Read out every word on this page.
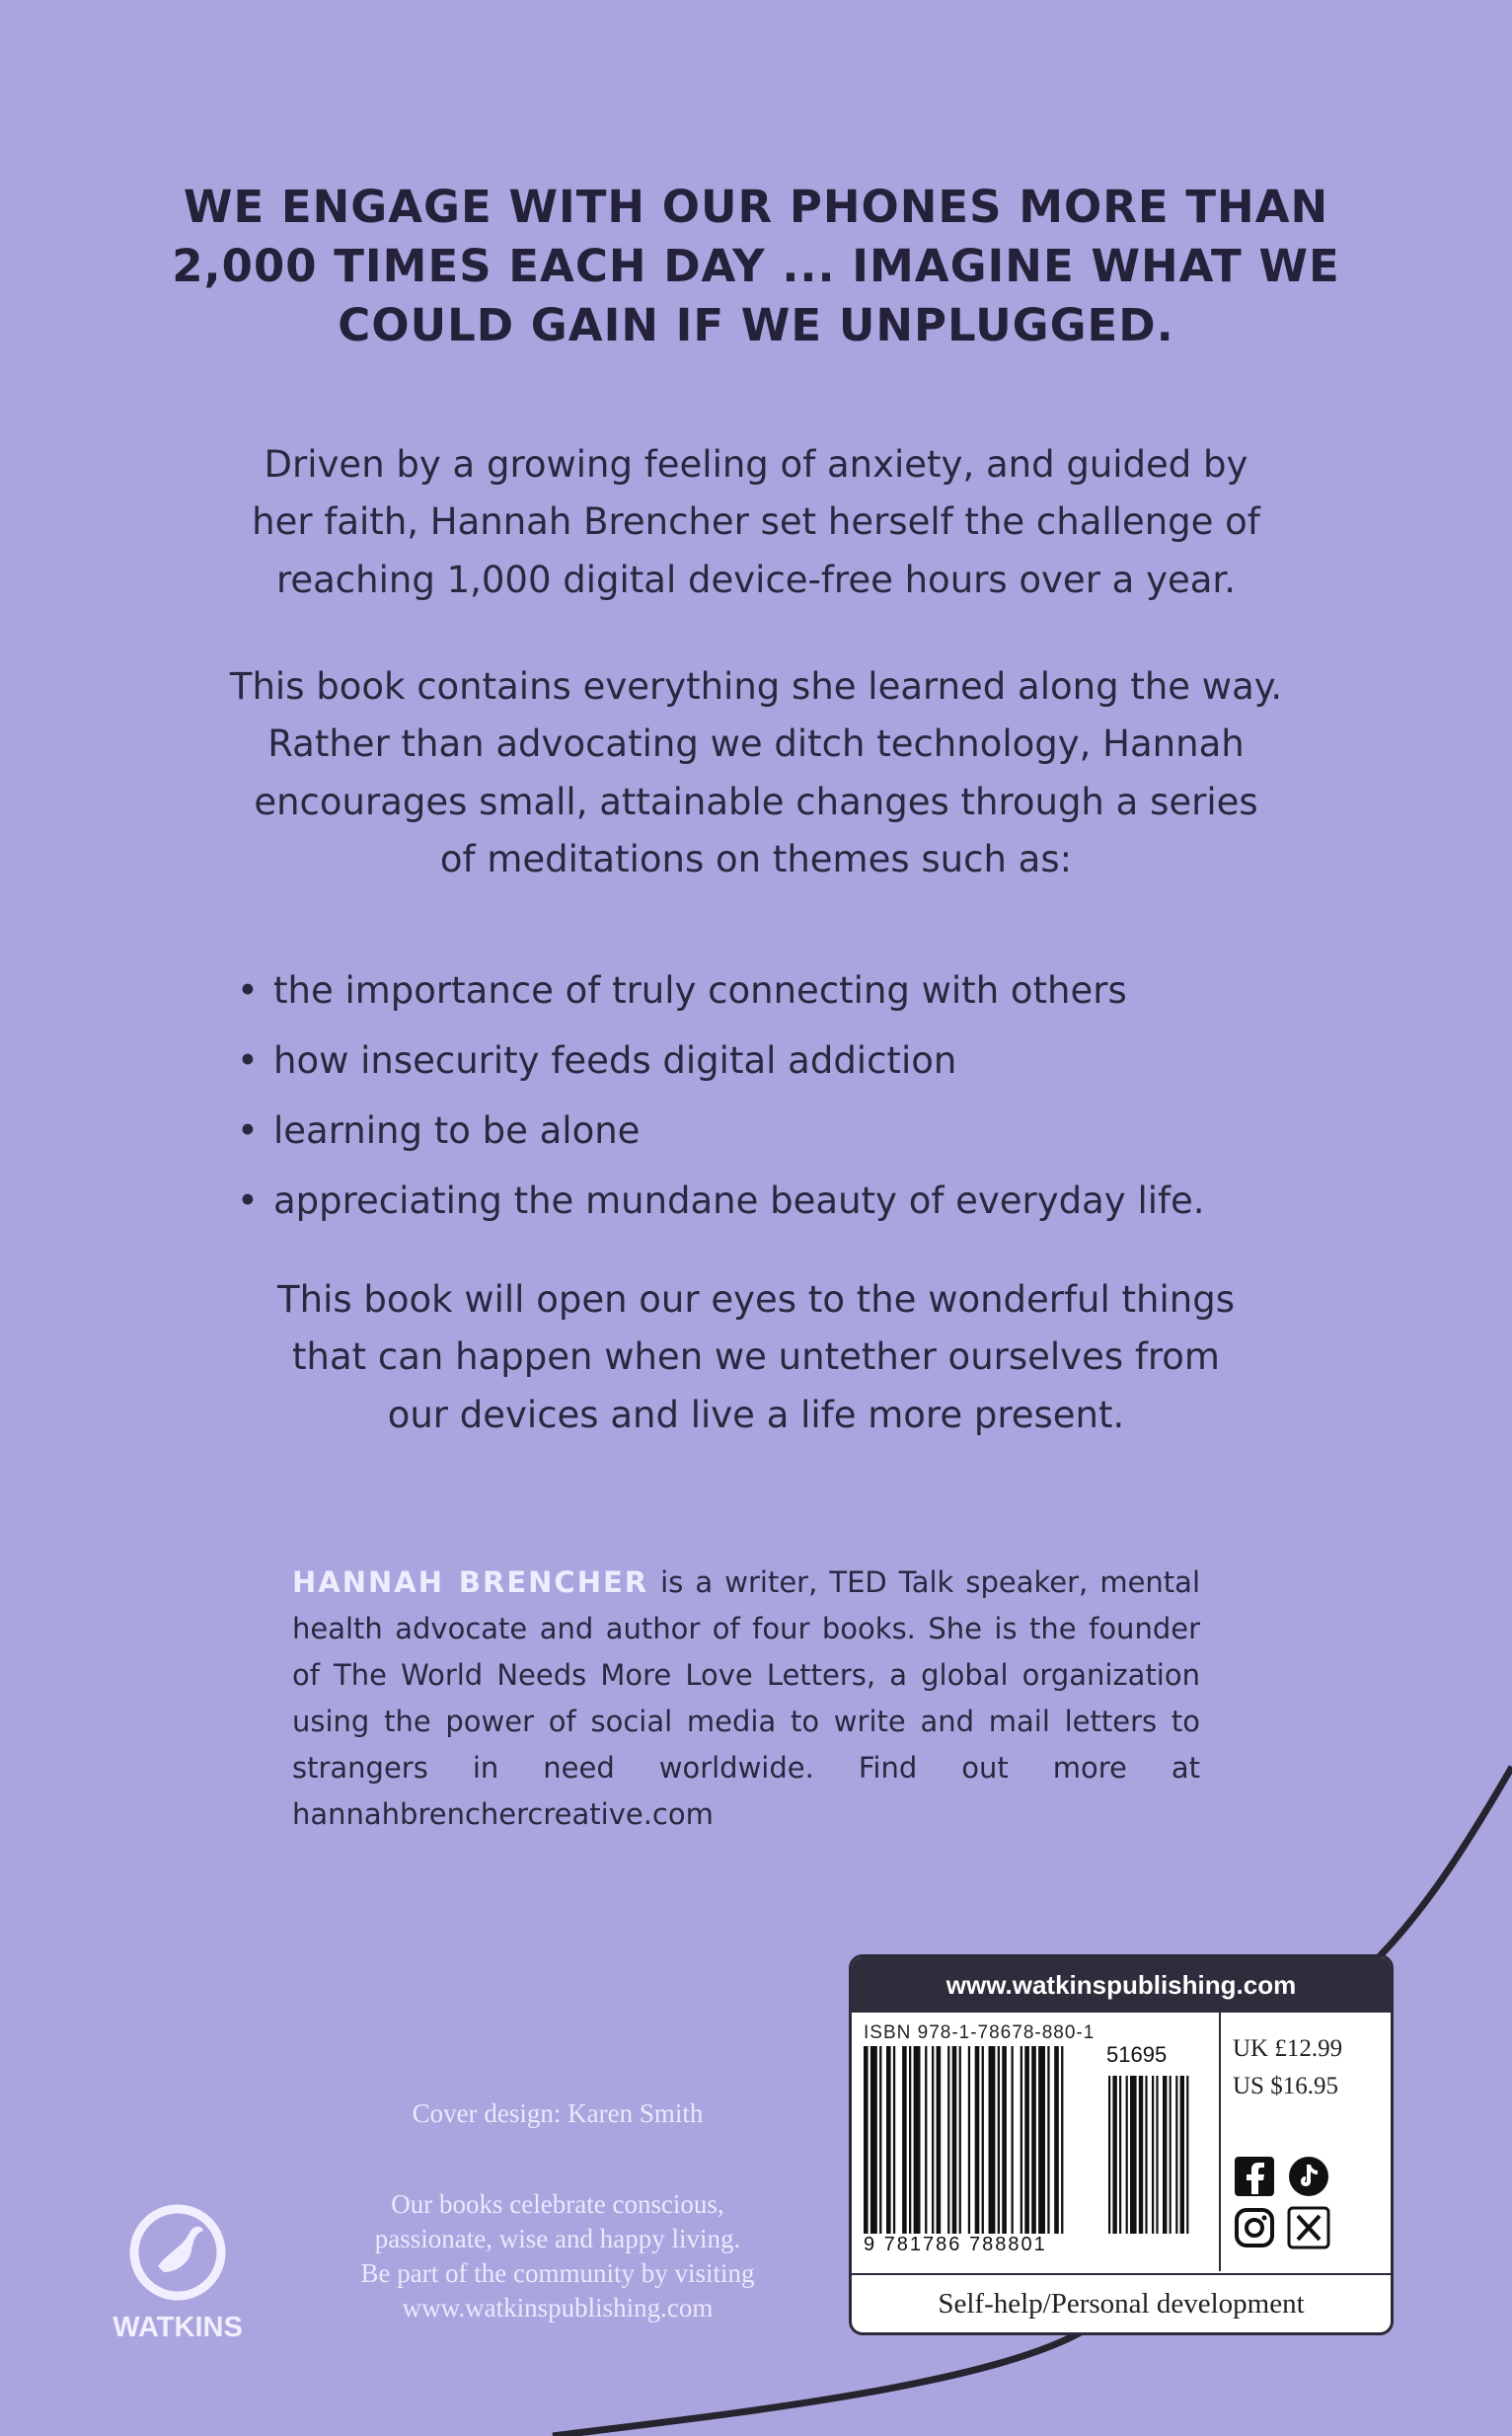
WE ENGAGE WITH OUR PHONES MORE THAN
2,000 TIMES EACH DAY ... IMAGINE WHAT WE
COULD GAIN IF WE UNPLUGGED.
Driven by a growing feeling of anxiety, and guided by
her faith, Hannah Brencher set herself the challenge of
reaching 1,000 digital device-free hours over a year.
This book contains everything she learned along the way.
Rather than advocating we ditch technology, Hannah
encourages small, attainable changes through a series
of meditations on themes such as:
• the importance of truly connecting with others
• how insecurity feeds digital addiction
• learning to be alone
• appreciating the mundane beauty of everyday life.
This book will open our eyes to the wonderful things
that can happen when we untether ourselves from
our devices and live a life more present.
HANNAH BRENCHER is a writer, TED Talk speaker, mental health advocate and author of four books. She is the founder of The World Needs More Love Letters, a global organization using the power of social media to write and mail letters to strangers in need worldwide. Find out more at hannahbrenchercreative.com
Cover design: Karen Smith
Our books celebrate conscious,
passionate, wise and happy living.
Be part of the community by visiting
www.watkinspublishing.com
WATKINS
www.watkinspublishing.com
ISBN 978-1-78678-880-1
51695
9 781786 788801
UK £12.99
US $16.95

Self-help/Personal development
